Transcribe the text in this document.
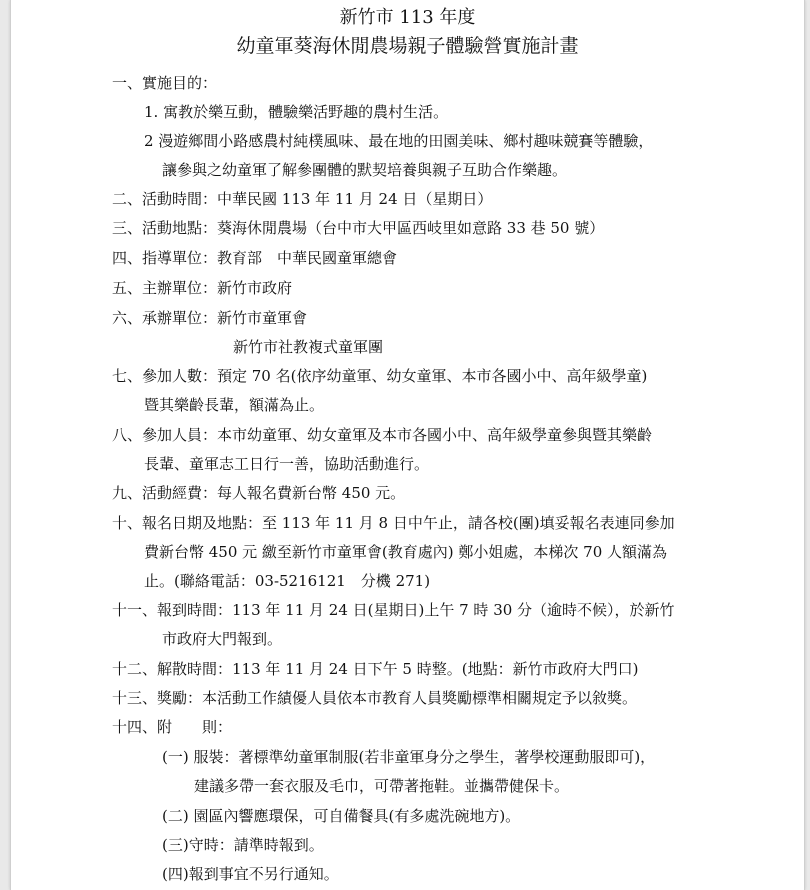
新竹市 113 年度
幼童軍葵海休閒農場親子體驗營實施計畫
一、實施目的：
1. 寓教於樂互動，體驗樂活野趣的農村生活。
2 漫遊鄉間小路感農村純樸風味、最在地的田園美味、鄉村趣味競賽等體驗，
讓參與之幼童軍了解參團體的默契培養與親子互助合作樂趣。
二、活動時間：中華民國 113 年 11 月 24 日（星期日）
三、活動地點：葵海休閒農場（台中市大甲區西岐里如意路 33 巷 50 號）
四、指導單位：教育部　中華民國童軍總會
五、主辦單位：新竹市政府
六、承辦單位：新竹市童軍會
新竹市社教複式童軍團
七、參加人數：預定 70 名(依序幼童軍、幼女童軍、本市各國小中、高年級學童)
暨其樂齡長輩，額滿為止。
八、參加人員：本市幼童軍、幼女童軍及本市各國小中、高年級學童參與暨其樂齡
長輩、童軍志工日行一善，協助活動進行。
九、活動經費：每人報名費新台幣 450 元。
十、報名日期及地點：至 113 年 11 月 8 日中午止，請各校(團)填妥報名表連同參加
費新台幣 450 元 繳至新竹市童軍會(教育處內) 鄭小姐處，本梯次 70 人額滿為
止。(聯絡電話：03-5216121　分機 271)
十一、報到時間：113 年 11 月 24 日(星期日)上午 7 時 30 分（逾時不候），於新竹
市政府大門報到。
十二、解散時間：113 年 11 月 24 日下午 5 時整。(地點：新竹市政府大門口)
十三、獎勵：本活動工作績優人員依本市教育人員獎勵標準相關規定予以敘獎。
十四、附　　則：
(一) 服裝：著標準幼童軍制服(若非童軍身分之學生，著學校運動服即可)，
建議多帶一套衣服及毛巾，可帶著拖鞋。並攜帶健保卡。
(二) 園區內響應環保，可自備餐具(有多處洗碗地方)。
(三)守時：請準時報到。
(四)報到事宜不另行通知。
